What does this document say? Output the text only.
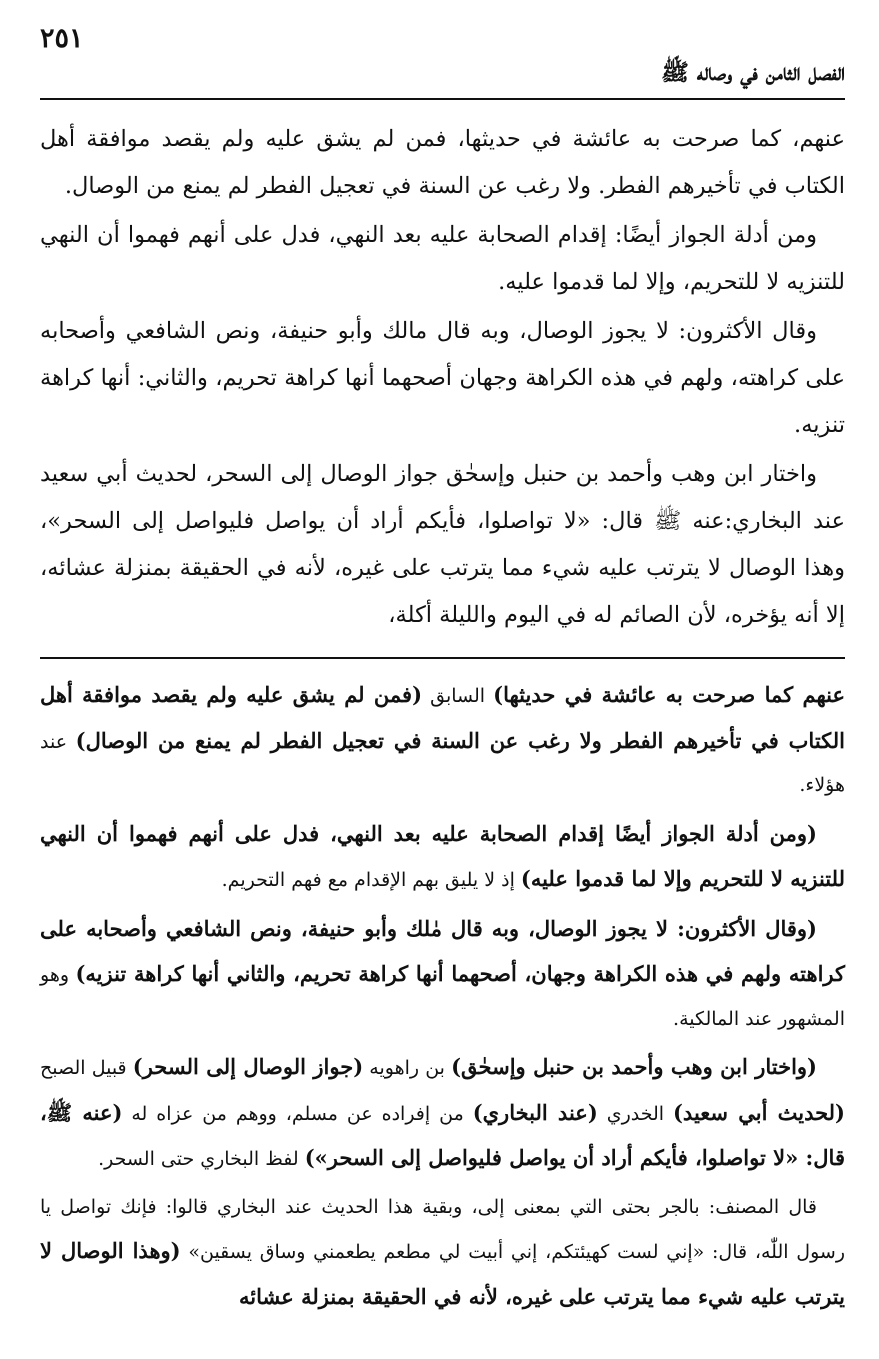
الفصل الثامن في وصاله ﷺ
٢٥١

عنهم، كما صرحت به عائشة في حديثها، فمن لم يشق عليه ولم يقصد موافقة أهل الكتاب في تأخيرهم الفطر. ولا رغب عن السنة في تعجيل الفطر لم يمنع من الوصال.

ومن أدلة الجواز أيضًا: إقدام الصحابة عليه بعد النهي، فدل على أنهم فهموا أن النهي للتنزيه لا للتحريم، وإلا لما قدموا عليه.

وقال الأكثرون: لا يجوز الوصال، وبه قال مالك وأبو حنيفة، ونص الشافعي وأصحابه على كراهته، ولهم في هذه الكراهة وجهان أصحهما أنها كراهة تحريم، والثاني: أنها كراهة تنزيه.

واختار ابن وهب وأحمد بن حنبل وإسحٰق جواز الوصال إلى السحر، لحديث أبي سعيد عند البخاري:عنه ﷺ قال: «لا تواصلوا، فأيكم أراد أن يواصل فليواصل إلى السحر»، وهذا الوصال لا يترتب عليه شيء مما يترتب على غيره، لأنه في الحقيقة بمنزلة عشائه، إلا أنه يؤخره، لأن الصائم له في اليوم والليلة أكلة،

عنهم كما صرحت به عائشة في حديثها) السابق (فمن لم يشق عليه ولم يقصد موافقة أهل الكتاب في تأخيرهم الفطر ولا رغب عن السنة في تعجيل الفطر لم يمنع من الوصال) عند هؤلاء.

(ومن أدلة الجواز أيضًا إقدام الصحابة عليه بعد النهي، فدل على أنهم فهموا أن النهي للتنزيه لا للتحريم وإلا لما قدموا عليه) إذ لا يليق بهم الإقدام مع فهم التحريم.

(وقال الأكثرون: لا يجوز الوصال، وبه قال مٰلك وأبو حنيفة، ونص الشافعي وأصحابه على كراهته ولهم في هذه الكراهة وجهان، أصحهما أنها كراهة تحريم، والثاني أنها كراهة تنزيه) وهو المشهور عند المالكية.

(واختار ابن وهب وأحمد بن حنبل وإسحٰق) بن راهويه (جواز الوصال إلى السحر) قبيل الصبح (لحديث أبي سعيد) الخدري (عند البخاري) من إفراده عن مسلم، ووهم من عزاه له (عنه ﷺ، قال: «لا تواصلوا، فأيكم أراد أن يواصل فليواصل إلى السحر») لفظ البخاري حتى السحر.

قال المصنف: بالجر بحتى التي بمعنى إلى، وبقية هذا الحديث عند البخاري قالوا: فإنك تواصل يا رسول اللّٰه، قال: «إني لست كهيئتكم، إني أبيت لي مطعم يطعمني وساق يسقين» (وهذا الوصال لا يترتب عليه شيء مما يترتب على غيره، لأنه في الحقيقة بمنزلة عشائه
